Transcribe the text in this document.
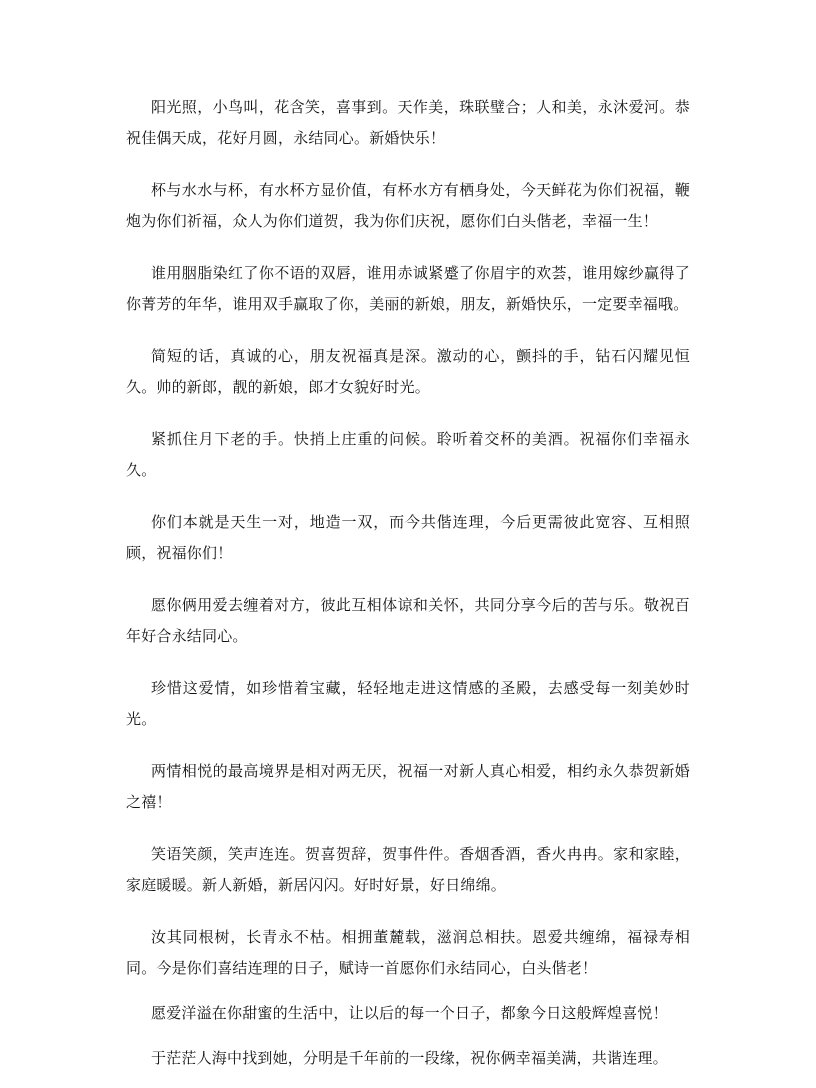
阳光照，小鸟叫，花含笑，喜事到。天作美，珠联璧合；人和美，永沐爱河。恭祝佳偶天成，花好月圆，永结同心。新婚快乐！

杯与水水与杯，有水杯方显价值，有杯水方有栖身处，今天鲜花为你们祝福，鞭炮为你们祈福，众人为你们道贺，我为你们庆祝，愿你们白头偕老，幸福一生！

谁用胭脂染红了你不语的双唇，谁用赤诚紧蹙了你眉宇的欢荟，谁用嫁纱赢得了你菁芳的年华，谁用双手赢取了你，美丽的新娘，朋友，新婚快乐，一定要幸福哦。

简短的话，真诚的心，朋友祝福真是深。激动的心，颤抖的手，钻石闪耀见恒久。帅的新郎，靓的新娘，郎才女貌好时光。

紧抓住月下老的手。快捎上庄重的问候。聆听着交杯的美酒。祝福你们幸福永久。

你们本就是天生一对，地造一双，而今共偕连理，今后更需彼此宽容、互相照顾，祝福你们！

愿你俩用爱去缠着对方，彼此互相体谅和关怀，共同分享今后的苦与乐。敬祝百年好合永结同心。

珍惜这爱情，如珍惜着宝藏，轻轻地走进这情感的圣殿，去感受每一刻美妙时光。

两情相悦的最高境界是相对两无厌，祝福一对新人真心相爱，相约永久恭贺新婚之禧！

笑语笑颜，笑声连连。贺喜贺辞，贺事件件。香烟香酒，香火冉冉。家和家睦，家庭暖暖。新人新婚，新居闪闪。好时好景，好日绵绵。

汝其同根树，长青永不枯。相拥董麓载，滋润总相扶。恩爱共缠绵，福禄寿相同。今是你们喜结连理的日子，赋诗一首愿你们永结同心，白头偕老！

愿爱洋溢在你甜蜜的生活中，让以后的每一个日子，都象今日这般辉煌喜悦！

于茫茫人海中找到她，分明是千年前的一段缘，祝你俩幸福美满，共谐连理。
